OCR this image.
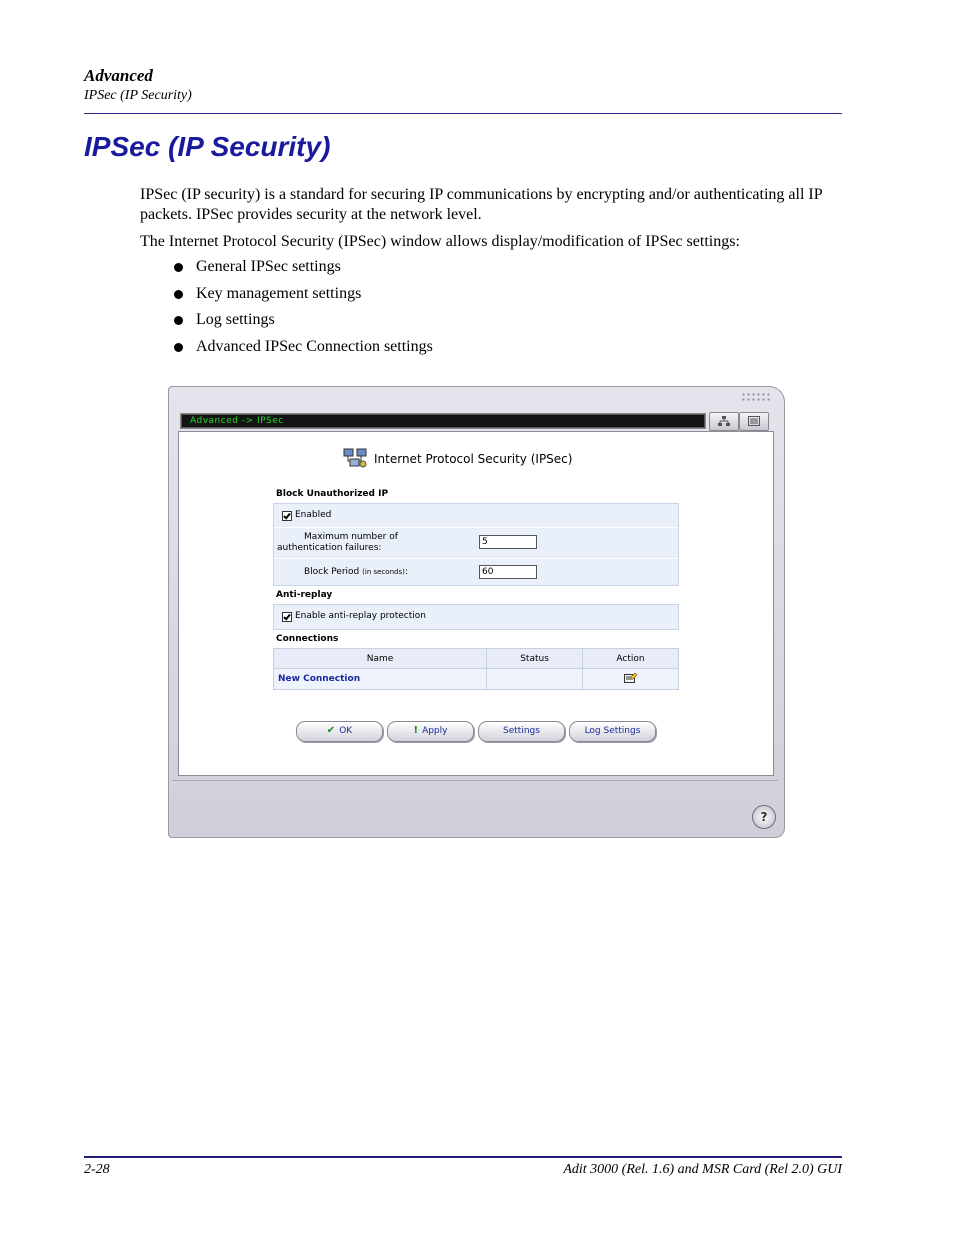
Advanced
IPSec (IP Security)
IPSec (IP Security)

IPSec (IP security) is a standard for securing IP communications by encrypting and/or authenticating all IP packets. IPSec provides security at the network level.

The Internet Protocol Security (IPSec) window allows display/modification of IPSec settings:

General IPSec settings
Key management settings
Log settings
Advanced IPSec Connection settings
Advanced -> IPSec
Internet Protocol Security (IPSec)
Block Unauthorized IP
Enabled
Maximum number of
authentication failures:
5
Block Period (in seconds):
60
Anti-replay
Enable anti-replay protection
Connections
Name	Status	Action
New Connection		
✔ OK	! Apply	Settings	Log Settings
?
2-28	Adit 3000 (Rel. 1.6) and MSR Card (Rel 2.0) GUI
